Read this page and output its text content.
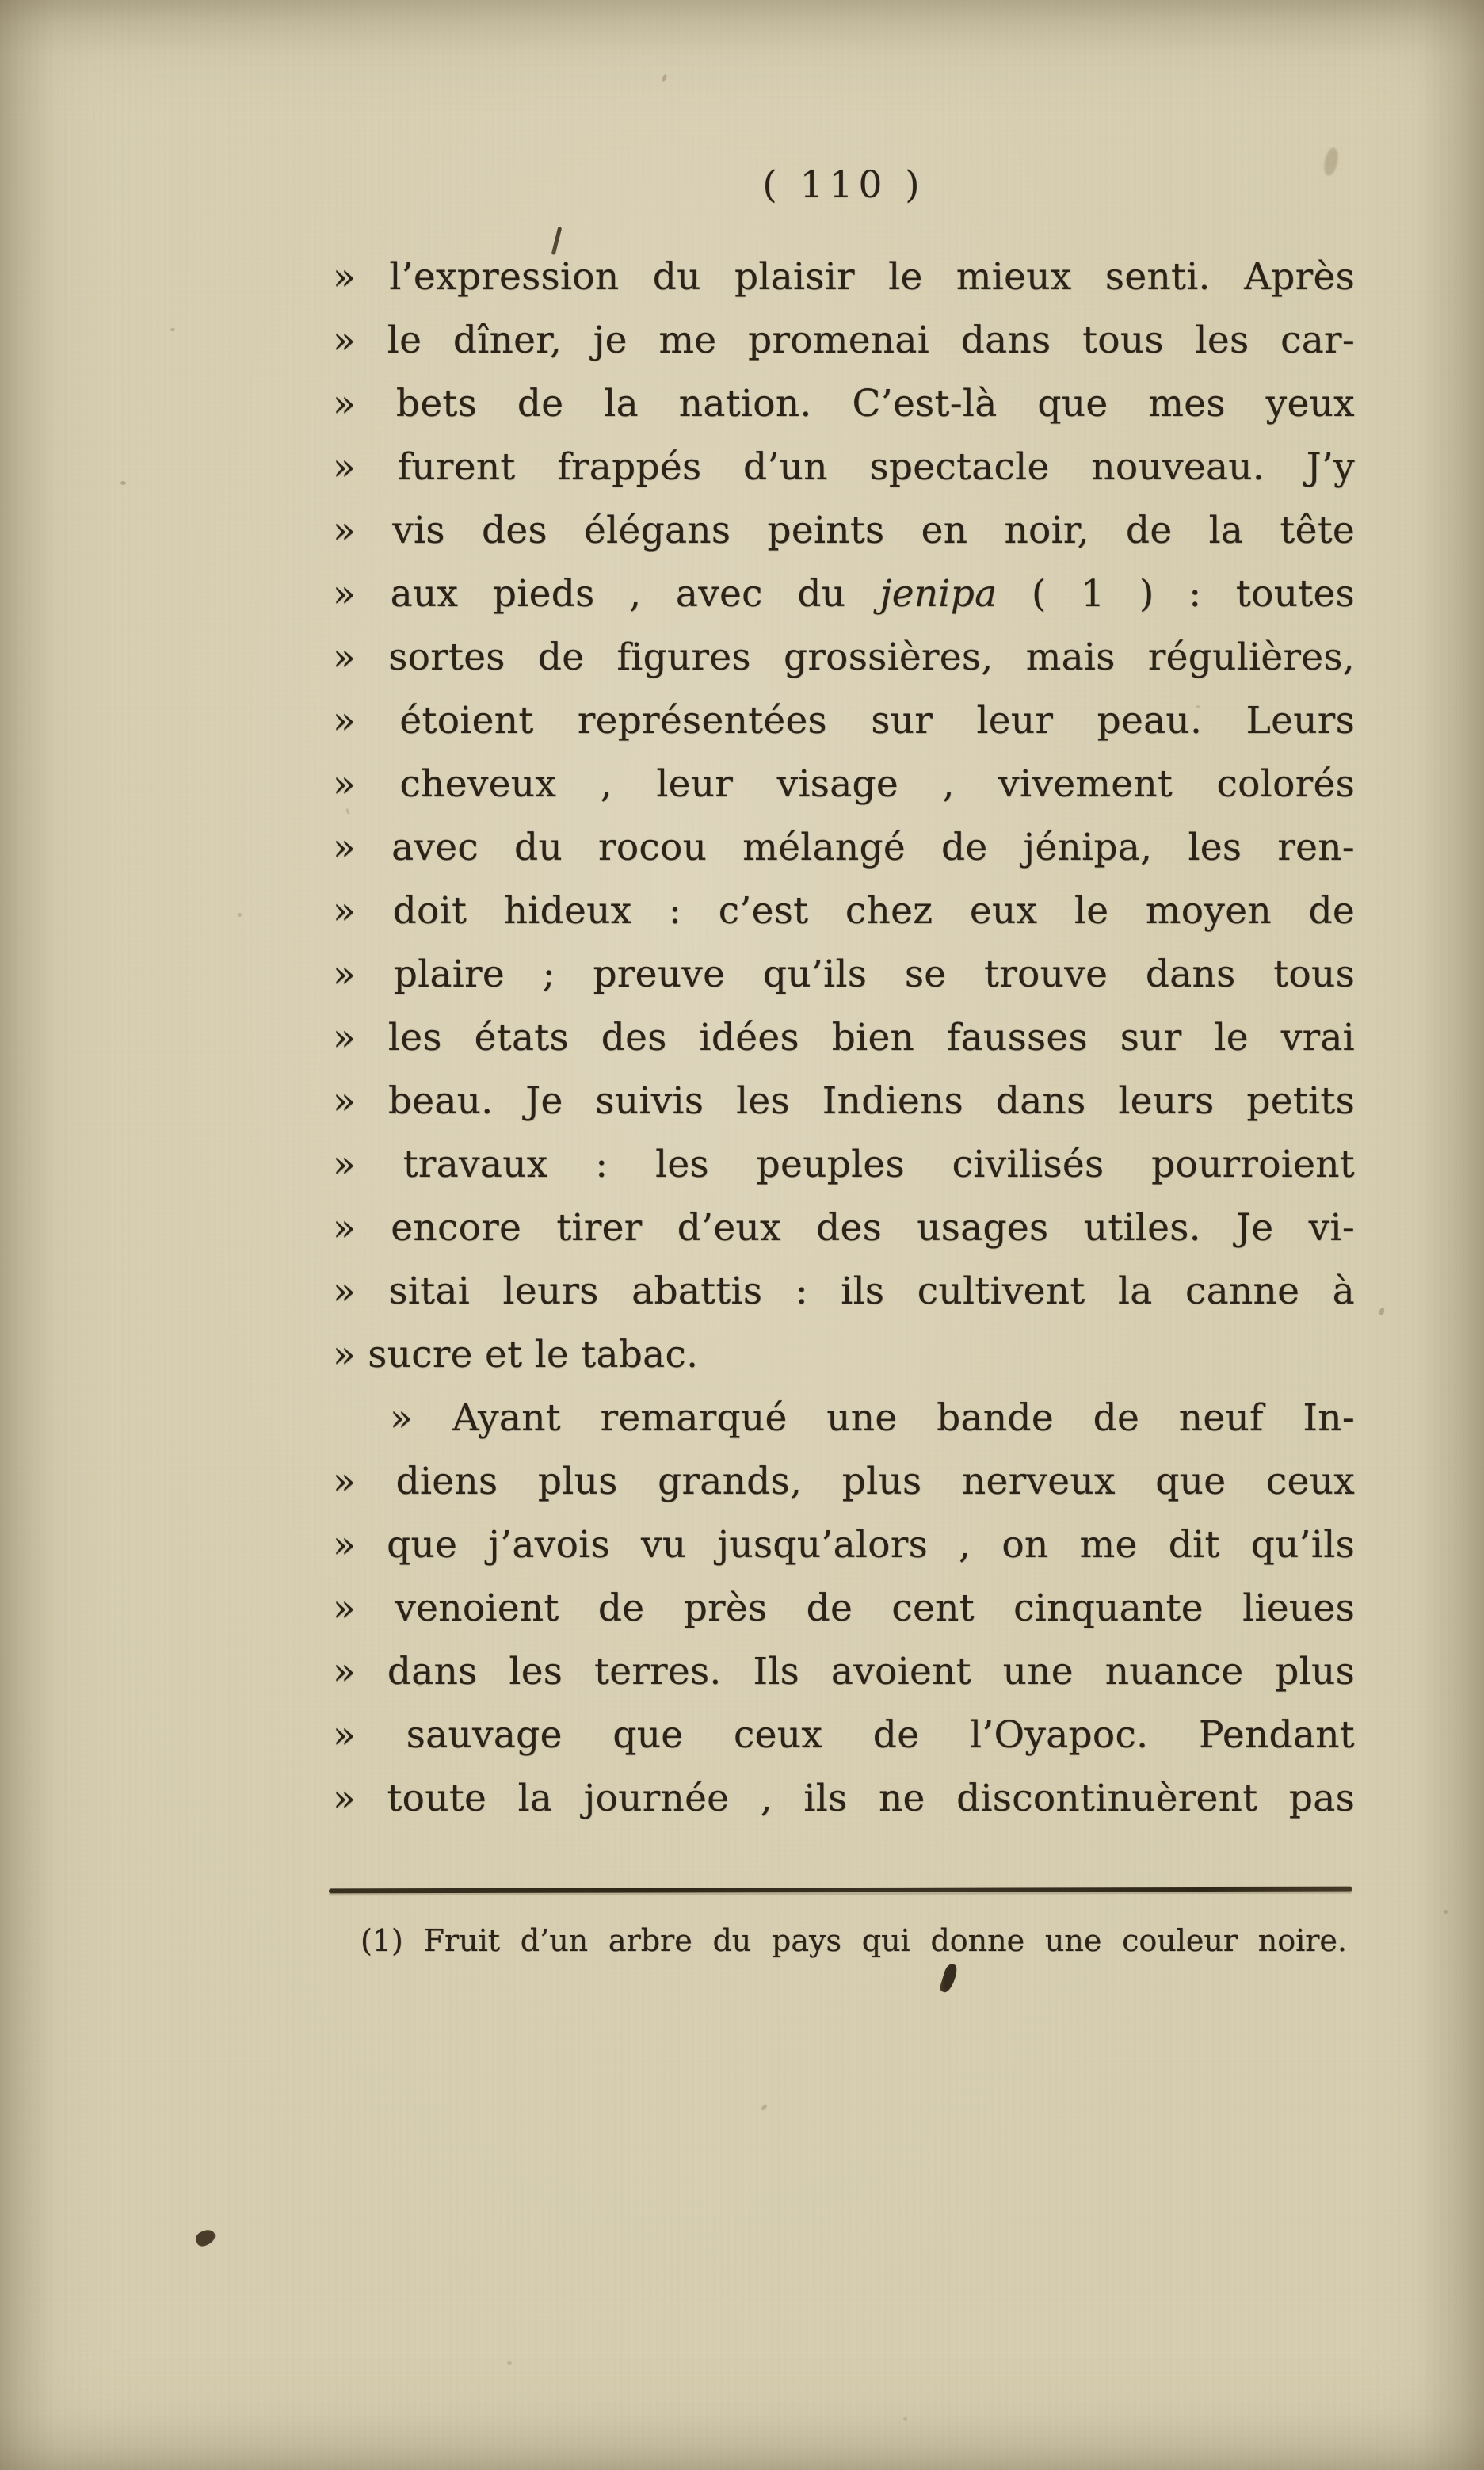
( 110 )
» l’expression du plaisir le mieux senti. Après
» le dîner, je me promenai dans tous les car-
» bets de la nation. C’est-là que mes yeux
» furent frappés d’un spectacle nouveau. J’y
» vis des élégans peints en noir, de la tête
» aux pieds , avec du jenipa ( 1 ) : toutes
» sortes de figures grossières, mais régulières,
» étoient représentées sur leur peau. Leurs
» cheveux , leur visage , vivement colorés
» avec du rocou mélangé de jénipa, les ren-
» doit hideux : c’est chez eux le moyen de
» plaire ; preuve qu’ils se trouve dans tous
» les états des idées bien fausses sur le vrai
» beau. Je suivis les Indiens dans leurs petits
» travaux : les peuples civilisés pourroient
» encore tirer d’eux des usages utiles. Je vi-
» sitai leurs abattis : ils cultivent la canne à
» sucre et le tabac.
» Ayant remarqué une bande de neuf In-
» diens plus grands, plus nerveux que ceux
» que j’avois vu jusqu’alors , on me dit qu’ils
» venoient de près de cent cinquante lieues
» dans les terres. Ils avoient une nuance plus
» sauvage que ceux de l’Oyapoc. Pendant
» toute la journée , ils ne discontinuèrent pas
(1) Fruit d’un arbre du pays qui donne une couleur noire.
